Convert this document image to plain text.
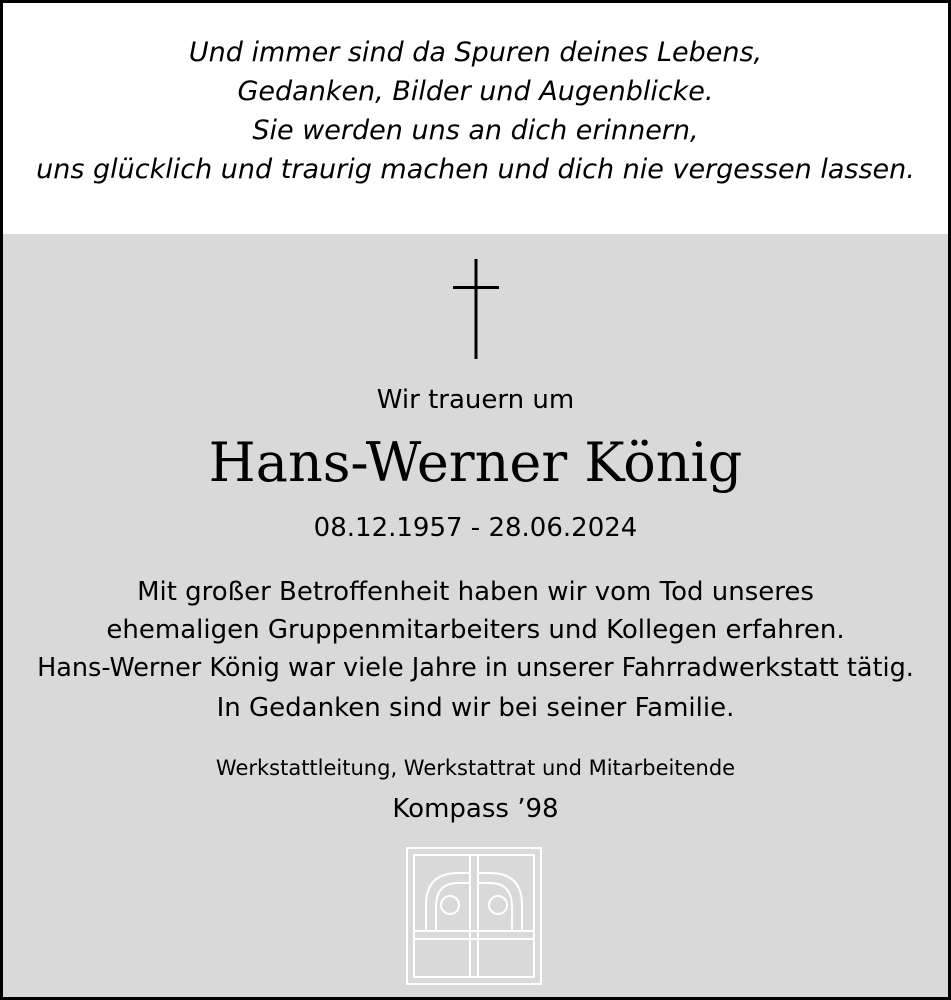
Und immer sind da Spuren deines Lebens,
Gedanken, Bilder und Augenblicke.
Sie werden uns an dich erinnern,
uns glücklich und traurig machen und dich nie vergessen lassen.
Wir trauern um
Hans-Werner König
08.12.1957 - 28.06.2024
Mit großer Betroffenheit haben wir vom Tod unseres
ehemaligen Gruppenmitarbeiters und Kollegen erfahren.
Hans-Werner König war viele Jahre in unserer Fahrradwerkstatt tätig.
In Gedanken sind wir bei seiner Familie.
Werkstattleitung, Werkstattrat und Mitarbeitende
Kompass ’98
